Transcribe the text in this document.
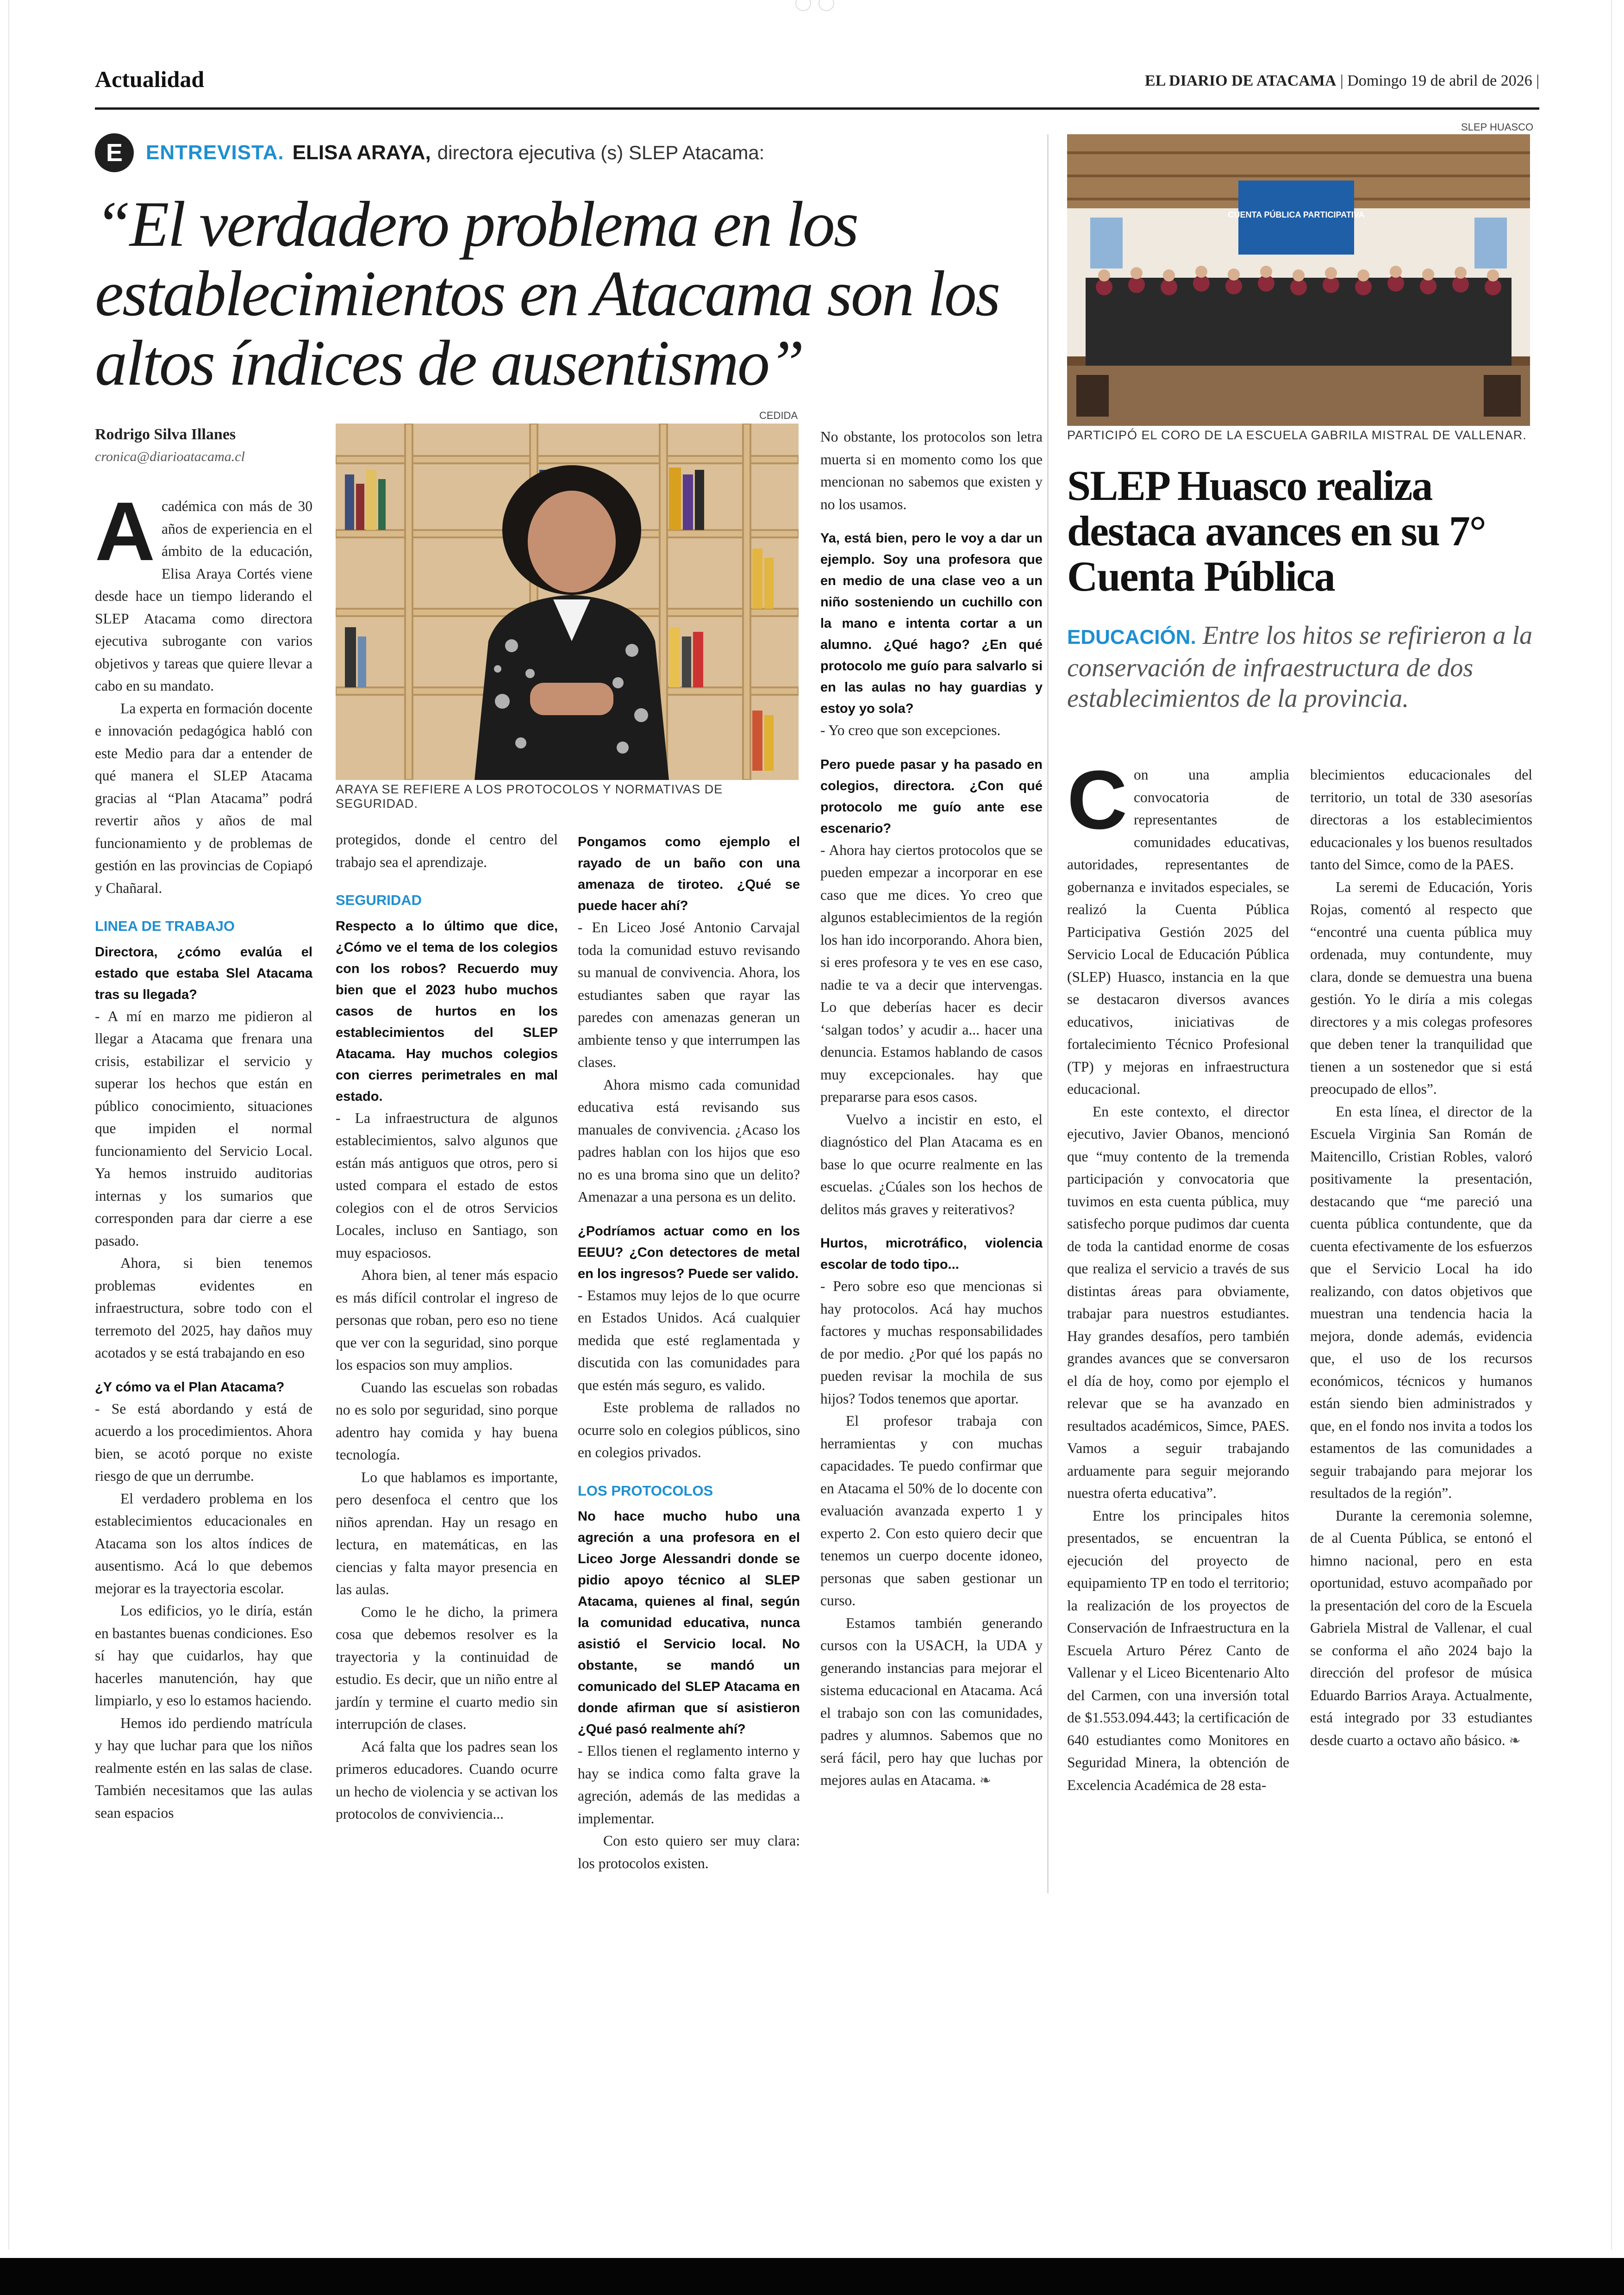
Actualidad	EL DIARIO DE ATACAMA | Domingo 19 de abril de 2026 |
E	ENTREVISTA. ELISA ARAYA, directora ejecutiva (s) SLEP Atacama:
“El verdadero problema en los establecimientos en Atacama son los altos índices de ausentismo”
Rodrigo Silva Illanes
cronica@diarioatacama.cl
CEDIDA
ARAYA SE REFIERE A LOS PROTOCOLOS Y NORMATIVAS DE SEGURIDAD.

Académica con más de 30 años de experiencia en el ámbito de la educación, Elisa Araya Cortés viene desde hace un tiempo liderando el SLEP Atacama como directora ejecutiva subrogante con varios objetivos y tareas que quiere llevar a cabo en su mandato.

La experta en formación docente e innovación pedagógica habló con este Medio para dar a entender de qué manera el SLEP Atacama gracias al “Plan Atacama” podrá revertir años y años de mal funcionamiento y de problemas de gestión en las provincias de Copiapó y Chañaral.

LINEA DE TRABAJO

Directora, ¿cómo evalúa el estado que estaba Slel Atacama tras su llegada?

- A mí en marzo me pidieron al llegar a Atacama que frenara una crisis, estabilizar el servicio y superar los hechos que están en público conocimiento, situaciones que impiden el normal funcionamiento del Servicio Local. Ya hemos instruido auditorias internas y los sumarios que corresponden para dar cierre a ese pasado.

Ahora, si bien tenemos problemas evidentes en infraestructura, sobre todo con el terremoto del 2025, hay daños muy acotados y se está trabajando en eso

¿Y cómo va el Plan Atacama?

- Se está abordando y está de acuerdo a los procedimientos. Ahora bien, se acotó porque no existe riesgo de que un derrumbe.

El verdadero problema en los establecimientos educacionales en Atacama son los altos índices de ausentismo. Acá lo que debemos mejorar es la trayectoria escolar.

Los edificios, yo le diría, están en bastantes buenas condiciones. Eso sí hay que cuidarlos, hay que hacerles manutención, hay que limpiarlo, y eso lo estamos haciendo.

Hemos ido perdiendo matrícula y hay que luchar para que los niños realmente estén en las salas de clase. También necesitamos que las aulas sean espacios

protegidos, donde el centro del trabajo sea el aprendizaje.

SEGURIDAD

Respecto a lo último que dice, ¿Cómo ve el tema de los colegios con los robos? Recuerdo muy bien que el 2023 hubo muchos casos de hurtos en los establecimientos del SLEP Atacama. Hay muchos colegios con cierres perimetrales en mal estado.

- La infraestructura de algunos establecimientos, salvo algunos que están más antiguos que otros, pero si usted compara el estado de estos colegios con el de otros Servicios Locales, incluso en Santiago, son muy espaciosos.

Ahora bien, al tener más espacio es más difícil controlar el ingreso de personas que roban, pero eso no tiene que ver con la seguridad, sino porque los espacios son muy amplios.

Cuando las escuelas son robadas no es solo por seguridad, sino porque adentro hay comida y hay buena tecnología.

Lo que hablamos es importante, pero desenfoca el centro que los niños aprendan. Hay un resago en lectura, en matemáticas, en las ciencias y falta mayor presencia en las aulas.

Como le he dicho, la primera cosa que debemos resolver es la trayectoria y la continuidad de estudio. Es decir, que un niño entre al jardín y termine el cuarto medio sin interrupción de clases.

Acá falta que los padres sean los primeros educadores. Cuando ocurre un hecho de violencia y se activan los protocolos de conviviencia...

Pongamos como ejemplo el rayado de un baño con una amenaza de tiroteo. ¿Qué se puede hacer ahí?

- En Liceo José Antonio Carvajal toda la comunidad estuvo revisando su manual de convivencia. Ahora, los estudiantes saben que rayar las paredes con amenazas generan un ambiente tenso y que interrumpen las clases.

Ahora mismo cada comunidad educativa está revisando sus manuales de convivencia. ¿Acaso los padres hablan con los hijos que eso no es una broma sino que un delito? Amenazar a una persona es un delito.

¿Podríamos actuar como en los EEUU? ¿Con detectores de metal en los ingresos? Puede ser valido.

- Estamos muy lejos de lo que ocurre en Estados Unidos. Acá cualquier medida que esté reglamentada y discutida con las comunidades para que estén más seguro, es valido.

Este problema de rallados no ocurre solo en colegios públicos, sino en colegios privados.

LOS PROTOCOLOS

No hace mucho hubo una agreción a una profesora en el Liceo Jorge Alessandri donde se pidio apoyo técnico al SLEP Atacama, quienes al final, según la comunidad educativa, nunca asistió el Servicio local. No obstante, se mandó un comunicado del SLEP Atacama en donde afirman que sí asistieron ¿Qué pasó realmente ahí?

- Ellos tienen el reglamento interno y hay se indica como falta grave la agreción, además de las medidas a implementar.

Con esto quiero ser muy clara: los protocolos existen.

No obstante, los protocolos son letra muerta si en momento como los que mencionan no sabemos que existen y no los usamos.

Ya, está bien, pero le voy a dar un ejemplo. Soy una profesora que en medio de una clase veo a un niño sosteniendo un cuchillo con la mano e intenta cortar a un alumno. ¿Qué hago? ¿En qué protocolo me guío para salvarlo si en las aulas no hay guardias y estoy yo sola?

- Yo creo que son excepciones.

Pero puede pasar y ha pasado en colegios, directora. ¿Con qué protocolo me guío ante ese escenario?

- Ahora hay ciertos protocolos que se pueden empezar a incorporar en ese caso que me dices. Yo creo que algunos establecimientos de la región los han ido incorporando. Ahora bien, si eres profesora y te ves en ese caso, nadie te va a decir que intervengas. Lo que deberías hacer es decir ‘salgan todos’ y acudir a... hacer una denuncia. Estamos hablando de casos muy excepcionales. hay que prepararse para esos casos.

Vuelvo a incistir en esto, el diagnóstico del Plan Atacama es en base lo que ocurre realmente en las escuelas. ¿Cúales son los hechos de delitos más graves y reiterativos?

Hurtos, microtráfico, violencia escolar de todo tipo...

- Pero sobre eso que mencionas si hay protocolos. Acá hay muchos factores y muchas responsabilidades de por medio. ¿Por qué los papás no pueden revisar la mochila de sus hijos? Todos tenemos que aportar.

El profesor trabaja con herramientas y con muchas capacidades. Te puedo confirmar que en Atacama el 50% de lo docente con evaluación avanzada experto 1 y experto 2. Con esto quiero decir que tenemos un cuerpo docente idoneo, personas que saben gestionar un curso.

Estamos también generando cursos con la USACH, la UDA y generando instancias para mejorar el sistema educacional en Atacama. Acá el trabajo son con las comunidades, padres y alumnos. Sabemos que no será fácil, pero hay que luchas por mejores aulas en Atacama. ❧

SLEP HUASCO
CUENTA PÚBLICA PARTICIPATIVA
PARTICIPÓ EL CORO DE LA ESCUELA GABRILA MISTRAL DE VALLENAR.
SLEP Huasco realiza destaca avances en su 7° Cuenta Pública
EDUCACIÓN. Entre los hitos se refirieron a la conservación de infraestructura de dos establecimientos de la provincia.

Con una amplia convocatoria de representantes de comunidades educativas, autoridades, representantes de gobernanza e invitados especiales, se realizó la Cuenta Pública Participativa Gestión 2025 del Servicio Local de Educación Pública (SLEP) Huasco, instancia en la que se destacaron diversos avances educativos, iniciativas de fortalecimiento Técnico Profesional (TP) y mejoras en infraestructura educacional.

En este contexto, el director ejecutivo, Javier Obanos, mencionó que “muy contento de la tremenda participación y convocatoria que tuvimos en esta cuenta pública, muy satisfecho porque pudimos dar cuenta de toda la cantidad enorme de cosas que realiza el servicio a través de sus distintas áreas para obviamente, trabajar para nuestros estudiantes. Hay grandes desafíos, pero también grandes avances que se conversaron el día de hoy, como por ejemplo el relevar que se ha avanzado en resultados académicos, Simce, PAES. Vamos a seguir trabajando arduamente para seguir mejorando nuestra oferta educativa”.

Entre los principales hitos presentados, se encuentran la ejecución del proyecto de equipamiento TP en todo el territorio; la realización de los proyectos de Conservación de Infraestructura en la Escuela Arturo Pérez Canto de Vallenar y el Liceo Bicentenario Alto del Carmen, con una inversión total de $1.553.094.443; la certificación de 640 estudiantes como Monitores en Seguridad Minera, la obtención de Excelencia Académica de 28 esta-

blecimientos educacionales del territorio, un total de 330 asesorías directoras a los establecimientos educacionales y los buenos resultados tanto del Simce, como de la PAES.

La seremi de Educación, Yoris Rojas, comentó al respecto que “encontré una cuenta pública muy ordenada, muy contundente, muy clara, donde se demuestra una buena gestión. Yo le diría a mis colegas directores y a mis colegas profesores que deben tener la tranquilidad que tienen a un sostenedor que si está preocupado de ellos”.

En esta línea, el director de la Escuela Virginia San Román de Maitencillo, Cristian Robles, valoró positivamente la presentación, destacando que “me pareció una cuenta pública contundente, que da cuenta efectivamente de los esfuerzos que el Servicio Local ha ido realizando, con datos objetivos que muestran una tendencia hacia la mejora, donde además, evidencia que, el uso de los recursos económicos, técnicos y humanos están siendo bien administrados y que, en el fondo nos invita a todos los estamentos de las comunidades a seguir trabajando para mejorar los resultados de la región”.

Durante la ceremonia solemne, de al Cuenta Pública, se entonó el himno nacional, pero en esta oportunidad, estuvo acompañado por la presentación del coro de la Escuela Gabriela Mistral de Vallenar, el cual se conforma el año 2024 bajo la dirección del profesor de música Eduardo Barrios Araya. Actualmente, está integrado por 33 estudiantes desde cuarto a octavo año básico. ❧
